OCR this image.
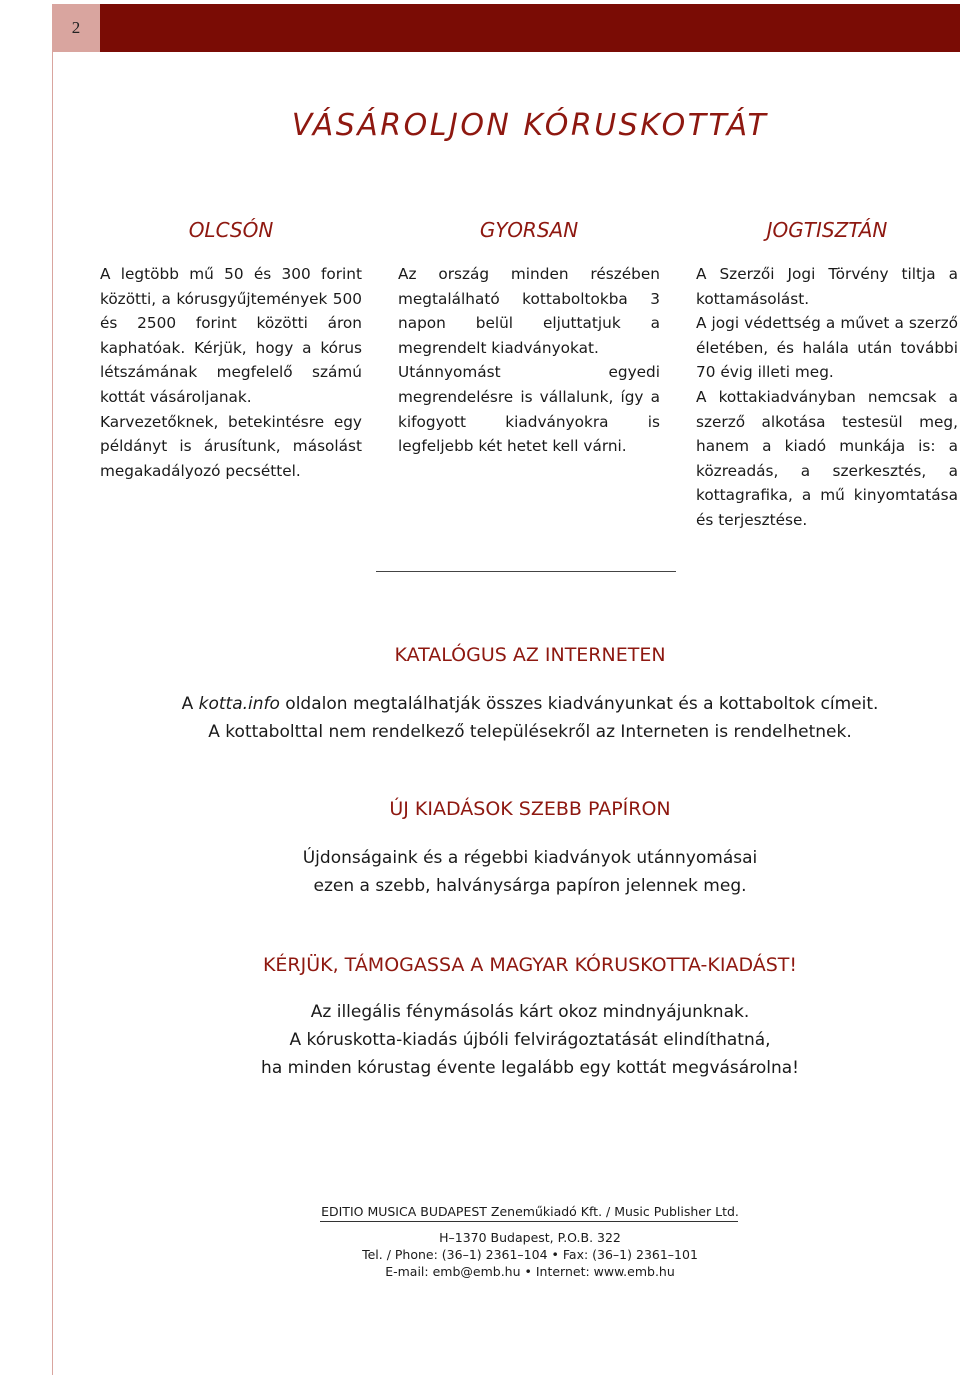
2
VÁSÁROLJON KÓRUSKOTTÁT
OLCSÓN	GYORSAN	JOGTISZTÁN

A legtöbb mű 50 és 300 forint közötti, a kórusgyűjtemények 500 és 2500 forint közötti áron kaphatóak. Kérjük, hogy a kórus létszámának megfelelő számú kottát vásároljanak.

Karvezetőknek, betekintésre egy példányt is árusítunk, másolást megakadályozó pecséttel.

Az ország minden részében megtalálható kottaboltokba 3 napon belül eljuttatjuk a megrendelt kiadványokat.

Utánnyomást egyedi megrendelésre is vállalunk, így a kifogyott kiadványokra is legfeljebb két hetet kell várni.

A Szerzői Jogi Törvény tiltja a kottamásolást.

A jogi védettség a művet a szerző életében, és halála után további 70 évig illeti meg.

A kottakiadványban nemcsak a szerző alkotása testesül meg, hanem a kiadó munkája is: a közreadás, a szerkesztés, a kottagrafika, a mű kinyomtatása és terjesztése.

KATALÓGUS AZ INTERNETEN

A kotta.info oldalon megtalálhatják összes kiadványunkat és a kottaboltok címeit.

A kottabolttal nem rendelkező településekről az Interneten is rendelhetnek.

ÚJ KIADÁSOK SZEBB PAPÍRON

Újdonságaink és a régebbi kiadványok utánnyomásai

ezen a szebb, halványsárga papíron jelennek meg.

KÉRJÜK, TÁMOGASSA A MAGYAR KÓRUSKOTTA-KIADÁST!

Az illegális fénymásolás kárt okoz mindnyájunknak.

A kóruskotta-kiadás újbóli felvirágoztatását elindíthatná,

ha minden kórustag évente legalább egy kottát megvásárolna!

EDITIO MUSICA BUDAPEST Zeneműkiadó Kft. / Music Publisher Ltd.

H–1370 Budapest, P.O.B. 322

Tel. / Phone: (36–1) 2361–104 • Fax: (36–1) 2361–101

E-mail: emb@emb.hu • Internet: www.emb.hu
